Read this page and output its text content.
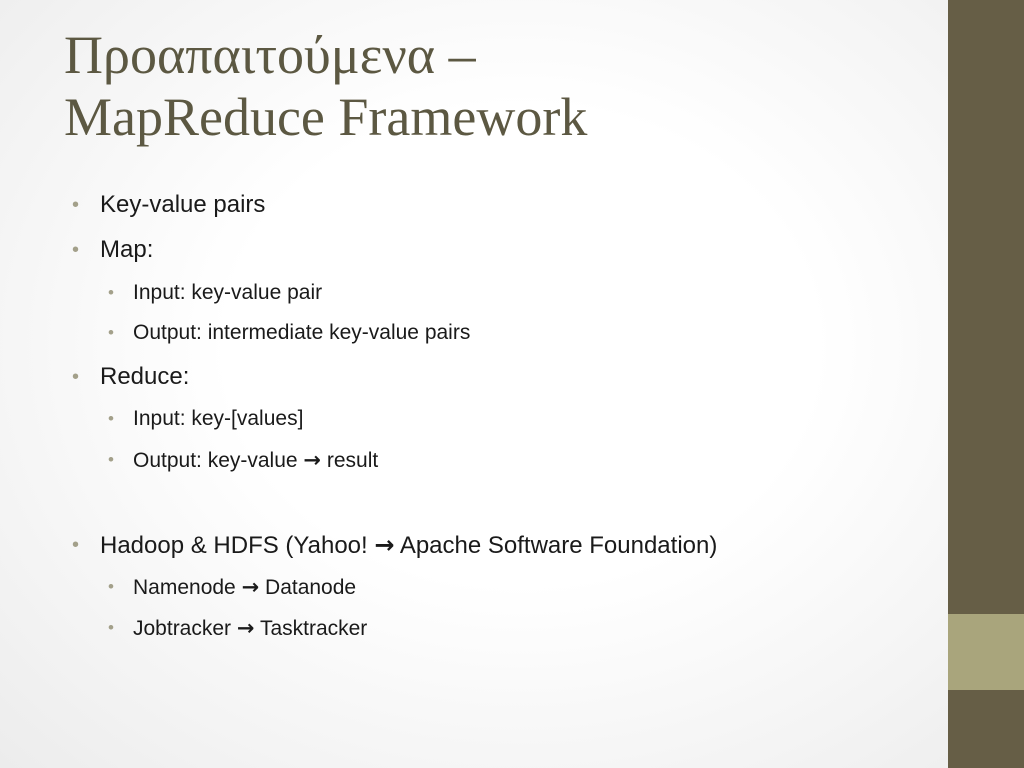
Προαπαιτούμενα –
MapReduce Framework
• Key-value pairs
• Map:
• Input: key-value pair
• Output: intermediate key-value pairs
• Reduce:
• Input: key-[values]
• Output: key-value → result
• Hadoop & HDFS (Yahoo! → Apache Software Foundation)
• Namenode → Datanode
• Jobtracker → Tasktracker
